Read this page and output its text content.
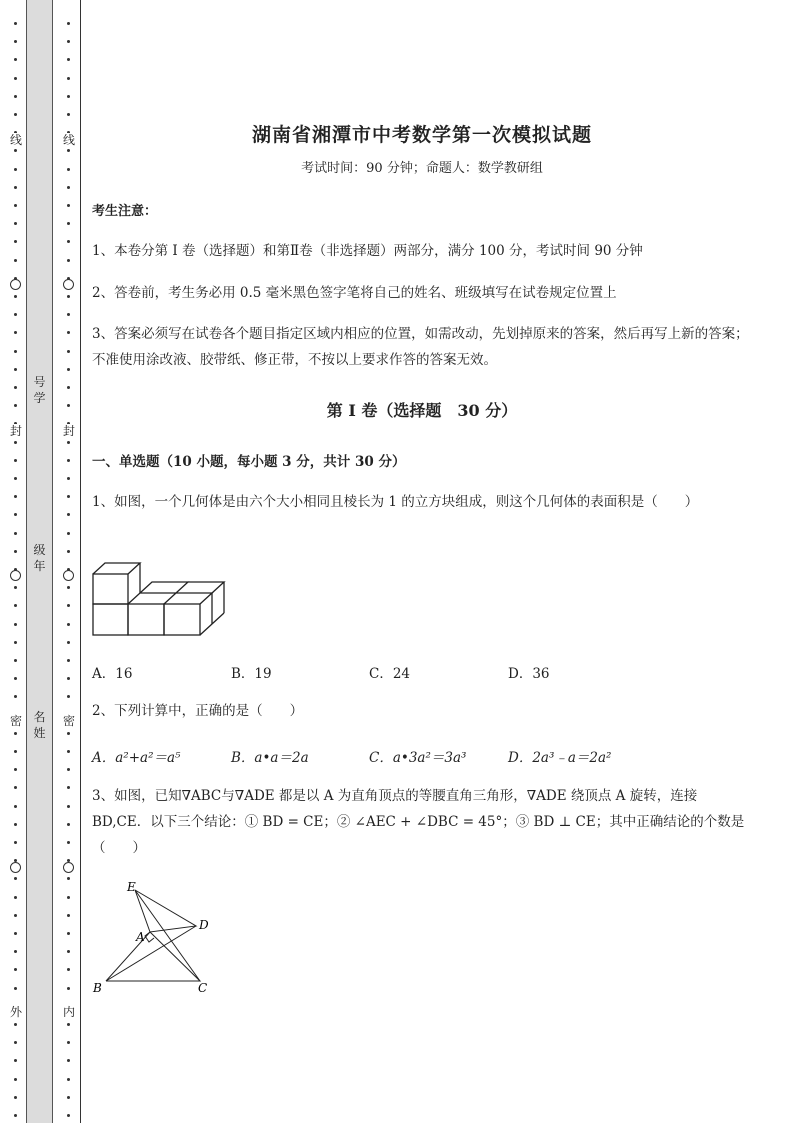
线
封
密
外
号
学
级
年
名
姓
线
封
密
内
湖南省湘潭市中考数学第一次模拟试题
考试时间：90 分钟；命题人：数学教研组
考生注意：
1、本卷分第 I 卷（选择题）和第Ⅱ卷（非选择题）两部分，满分 100 分，考试时间 90 分钟
2、答卷前，考生务必用 0.5 毫米黑色签字笔将自己的姓名、班级填写在试卷规定位置上
3、答案必须写在试卷各个题目指定区域内相应的位置，如需改动，先划掉原来的答案，然后再写上新的答案；不准使用涂改液、胶带纸、修正带，不按以上要求作答的答案无效。
第 I 卷（选择题　30 分）
一、单选题（10 小题，每小题 3 分，共计 30 分）
1、如图，一个几何体是由六个大小相同且棱长为 1 的立方块组成，则这个几何体的表面积是（　　）
A．16	B．19	C．24	D．36
2、下列计算中，正确的是（　　）
A．a²+a²＝a⁵	B．a•a＝2a	C．a•3a²＝3a³	D．2a³﹣a＝2a²
3、如图，已知∇ABC与∇ADE 都是以 A 为直角顶点的等腰直角三角形，∇ADE 绕顶点 A 旋转，连接 BD,CE．以下三个结论：① BD = CE；② ∠AEC + ∠DBC = 45°；③ BD ⊥ CE；其中正确结论的个数是（　　）
E
A
D
B	C
